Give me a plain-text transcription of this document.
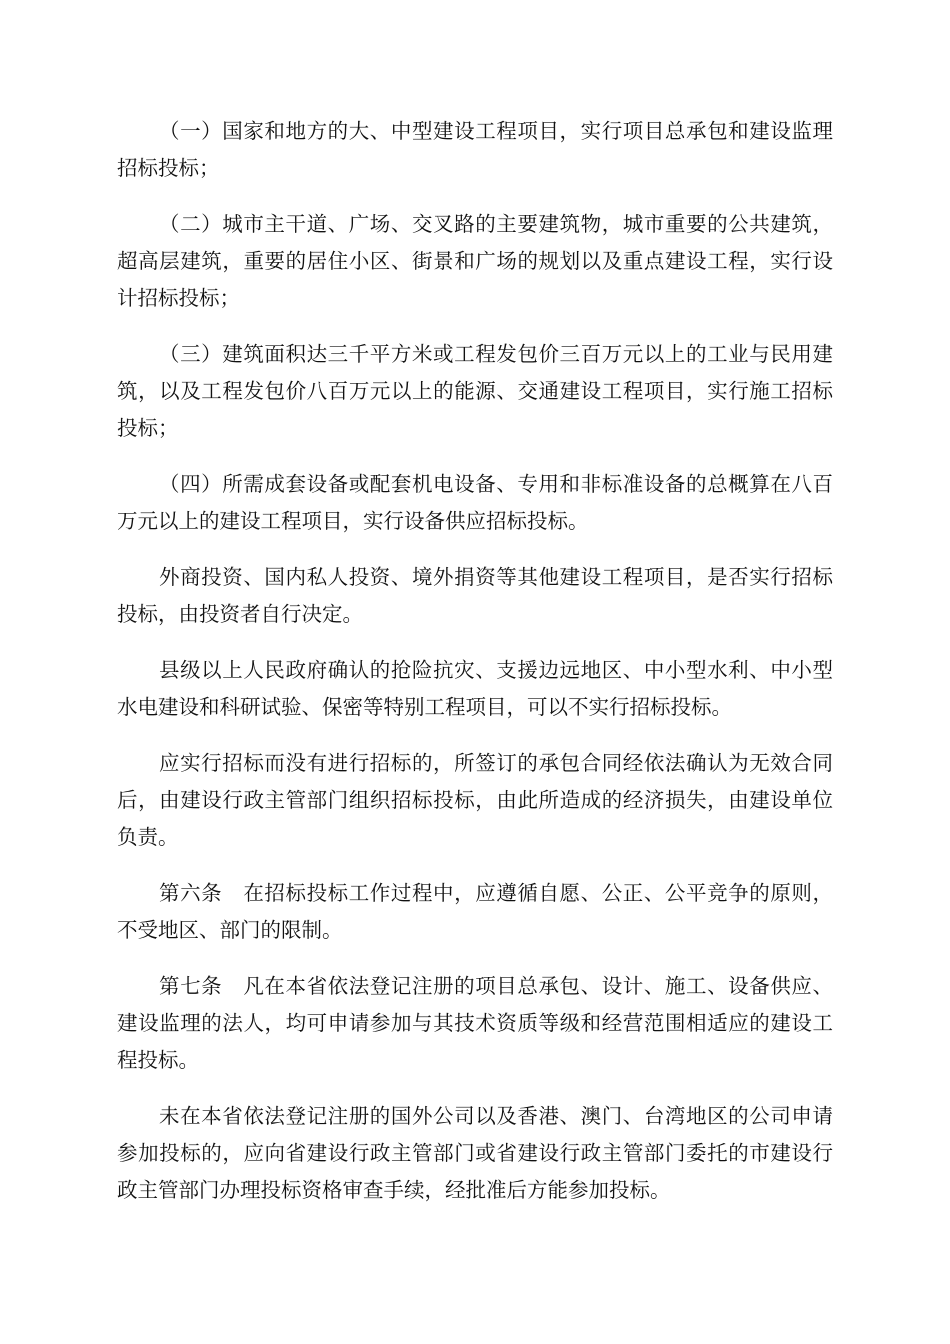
（一）国家和地方的大、中型建设工程项目，实行项目总承包和建设监理招标投标；

（二）城市主干道、广场、交叉路的主要建筑物，城市重要的公共建筑，超高层建筑，重要的居住小区、街景和广场的规划以及重点建设工程，实行设计招标投标；

（三）建筑面积达三千平方米或工程发包价三百万元以上的工业与民用建筑，以及工程发包价八百万元以上的能源、交通建设工程项目，实行施工招标投标；

（四）所需成套设备或配套机电设备、专用和非标准设备的总概算在八百万元以上的建设工程项目，实行设备供应招标投标。

外商投资、国内私人投资、境外捐资等其他建设工程项目，是否实行招标投标，由投资者自行决定。

县级以上人民政府确认的抢险抗灾、支援边远地区、中小型水利、中小型水电建设和科研试验、保密等特别工程项目，可以不实行招标投标。

应实行招标而没有进行招标的，所签订的承包合同经依法确认为无效合同后，由建设行政主管部门组织招标投标，由此所造成的经济损失，由建设单位负责。

第六条　在招标投标工作过程中，应遵循自愿、公正、公平竞争的原则，不受地区、部门的限制。

第七条　凡在本省依法登记注册的项目总承包、设计、施工、设备供应、建设监理的法人，均可申请参加与其技术资质等级和经营范围相适应的建设工程投标。

未在本省依法登记注册的国外公司以及香港、澳门、台湾地区的公司申请参加投标的，应向省建设行政主管部门或省建设行政主管部门委托的市建设行政主管部门办理投标资格审查手续，经批准后方能参加投标。
